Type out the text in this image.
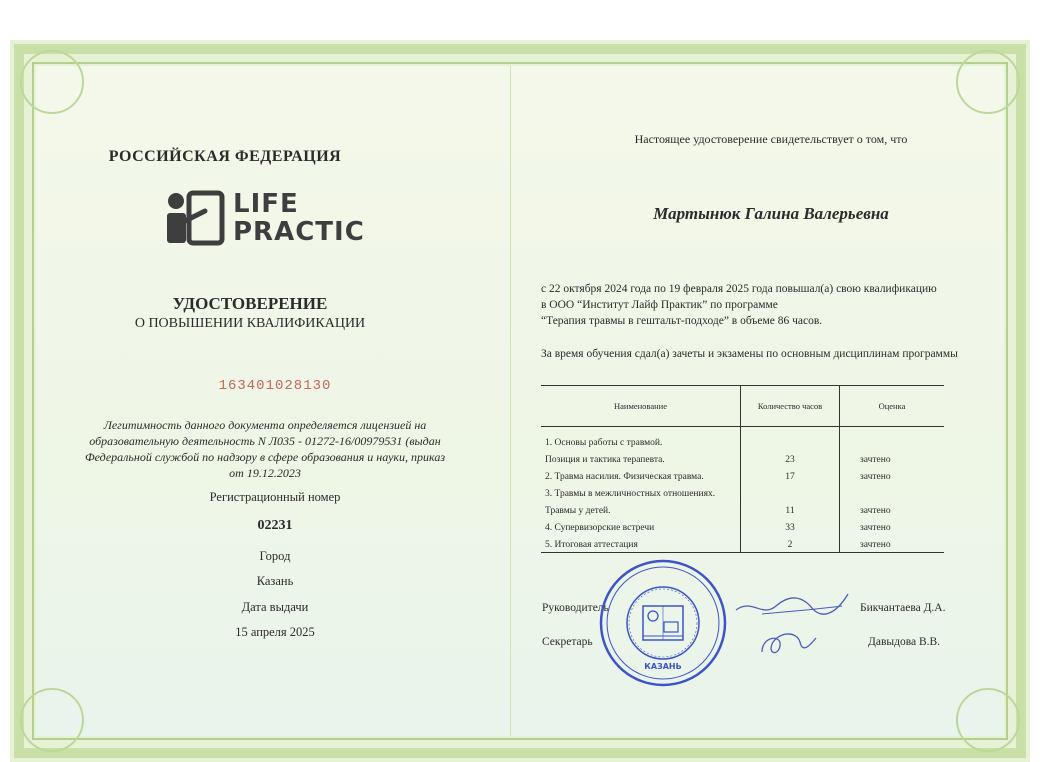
РОССИЙСКАЯ ФЕДЕРАЦИЯ
LIFE
PRACTIC
УДОСТОВЕРЕНИЕ
О ПОВЫШЕНИИ КВАЛИФИКАЦИИ
163401028130
Легитимность данного документа определяется лицензией на образовательную деятельность N Л035 - 01272-16/00979531 (выдан Федеральной службой по надзору в сфере образования и науки, приказ от 19.12.2023
Регистрационный номер
02231
Город
Казань
Дата выдачи
15 апреля 2025
Настоящее удостоверение свидетельствует о том, что
Мартынюк Галина Валерьевна
с 22 октября 2024 года по 19 февраля 2025 года повышал(а) свою квалификацию
в ООО “Институт Лайф Практик” по программе
“Терапия травмы в гештальт-подходе” в объеме 86 часов.
За время обучения сдал(а) зачеты и экзамены по основным дисциплинам программы
Наименование	Количество часов	Оценка
1. Основы работы с травмой.		
Позиция и тактика терапевта.	23	зачтено
2. Травма насилия. Физическая травма.	17	зачтено
3. Травмы в межличностных отношениях.		
Травмы у детей.	11	зачтено
4. Супервизорские встречи	33	зачтено
5. Итоговая аттестация	2	зачтено
Руководитель	Бикчантаева Д.А.
Секретарь	Давыдова В.В.
КАЗАНЬ
